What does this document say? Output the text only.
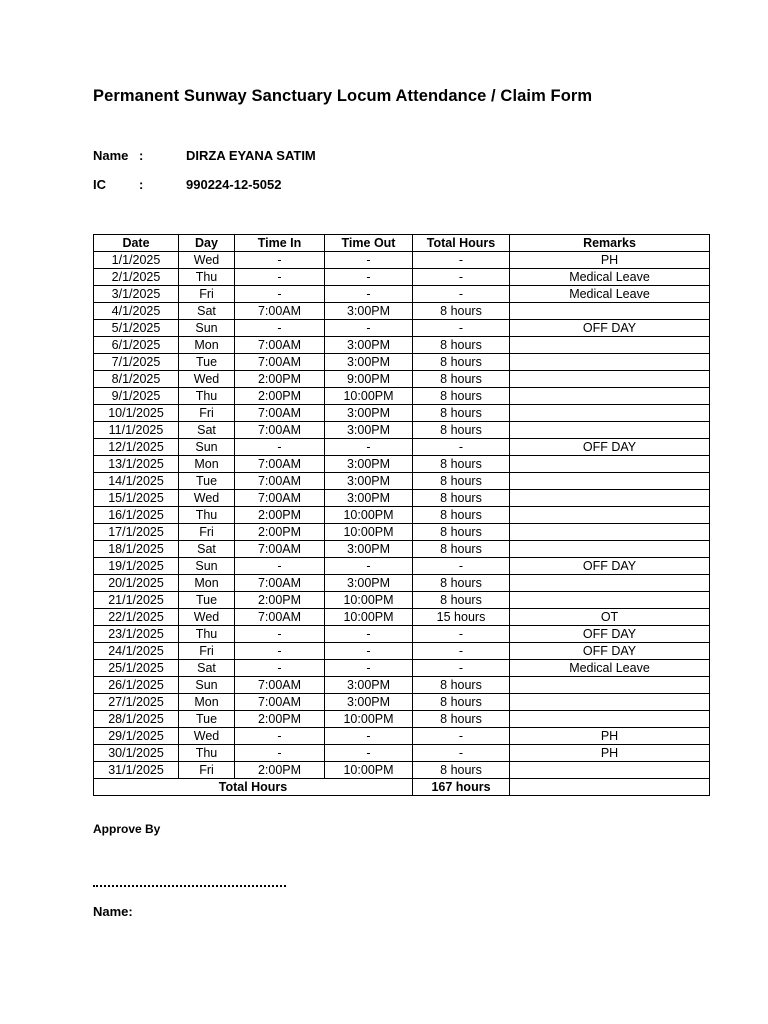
Permanent Sunway Sanctuary Locum Attendance / Claim Form
Name :	DIRZA EYANA SATIM
IC	:	990224-12-5052
Date	Day	Time In	Time Out	Total Hours	Remarks
1/1/2025	Wed	-	-	-	PH
2/1/2025	Thu	-	-	-	Medical Leave
3/1/2025	Fri	-	-	-	Medical Leave
4/1/2025	Sat	7:00AM	3:00PM	8 hours	
5/1/2025	Sun	-	-	-	OFF DAY
6/1/2025	Mon	7:00AM	3:00PM	8 hours	
7/1/2025	Tue	7:00AM	3:00PM	8 hours	
8/1/2025	Wed	2:00PM	9:00PM	8 hours	
9/1/2025	Thu	2:00PM	10:00PM	8 hours	
10/1/2025	Fri	7:00AM	3:00PM	8 hours	
11/1/2025	Sat	7:00AM	3:00PM	8 hours	
12/1/2025	Sun	-	-	-	OFF DAY
13/1/2025	Mon	7:00AM	3:00PM	8 hours	
14/1/2025	Tue	7:00AM	3:00PM	8 hours	
15/1/2025	Wed	7:00AM	3:00PM	8 hours	
16/1/2025	Thu	2:00PM	10:00PM	8 hours	
17/1/2025	Fri	2:00PM	10:00PM	8 hours	
18/1/2025	Sat	7:00AM	3:00PM	8 hours	
19/1/2025	Sun	-	-	-	OFF DAY
20/1/2025	Mon	7:00AM	3:00PM	8 hours	
21/1/2025	Tue	2:00PM	10:00PM	8 hours	
22/1/2025	Wed	7:00AM	10:00PM	15 hours	OT
23/1/2025	Thu	-	-	-	OFF DAY
24/1/2025	Fri	-	-	-	OFF DAY
25/1/2025	Sat	-	-	-	Medical Leave
26/1/2025	Sun	7:00AM	3:00PM	8 hours	
27/1/2025	Mon	7:00AM	3:00PM	8 hours	
28/1/2025	Tue	2:00PM	10:00PM	8 hours	
29/1/2025	Wed	-	-	-	PH
30/1/2025	Thu	-	-	-	PH
31/1/2025	Fri	2:00PM	10:00PM	8 hours	
Total Hours				167 hours	
Approve By
Name:
